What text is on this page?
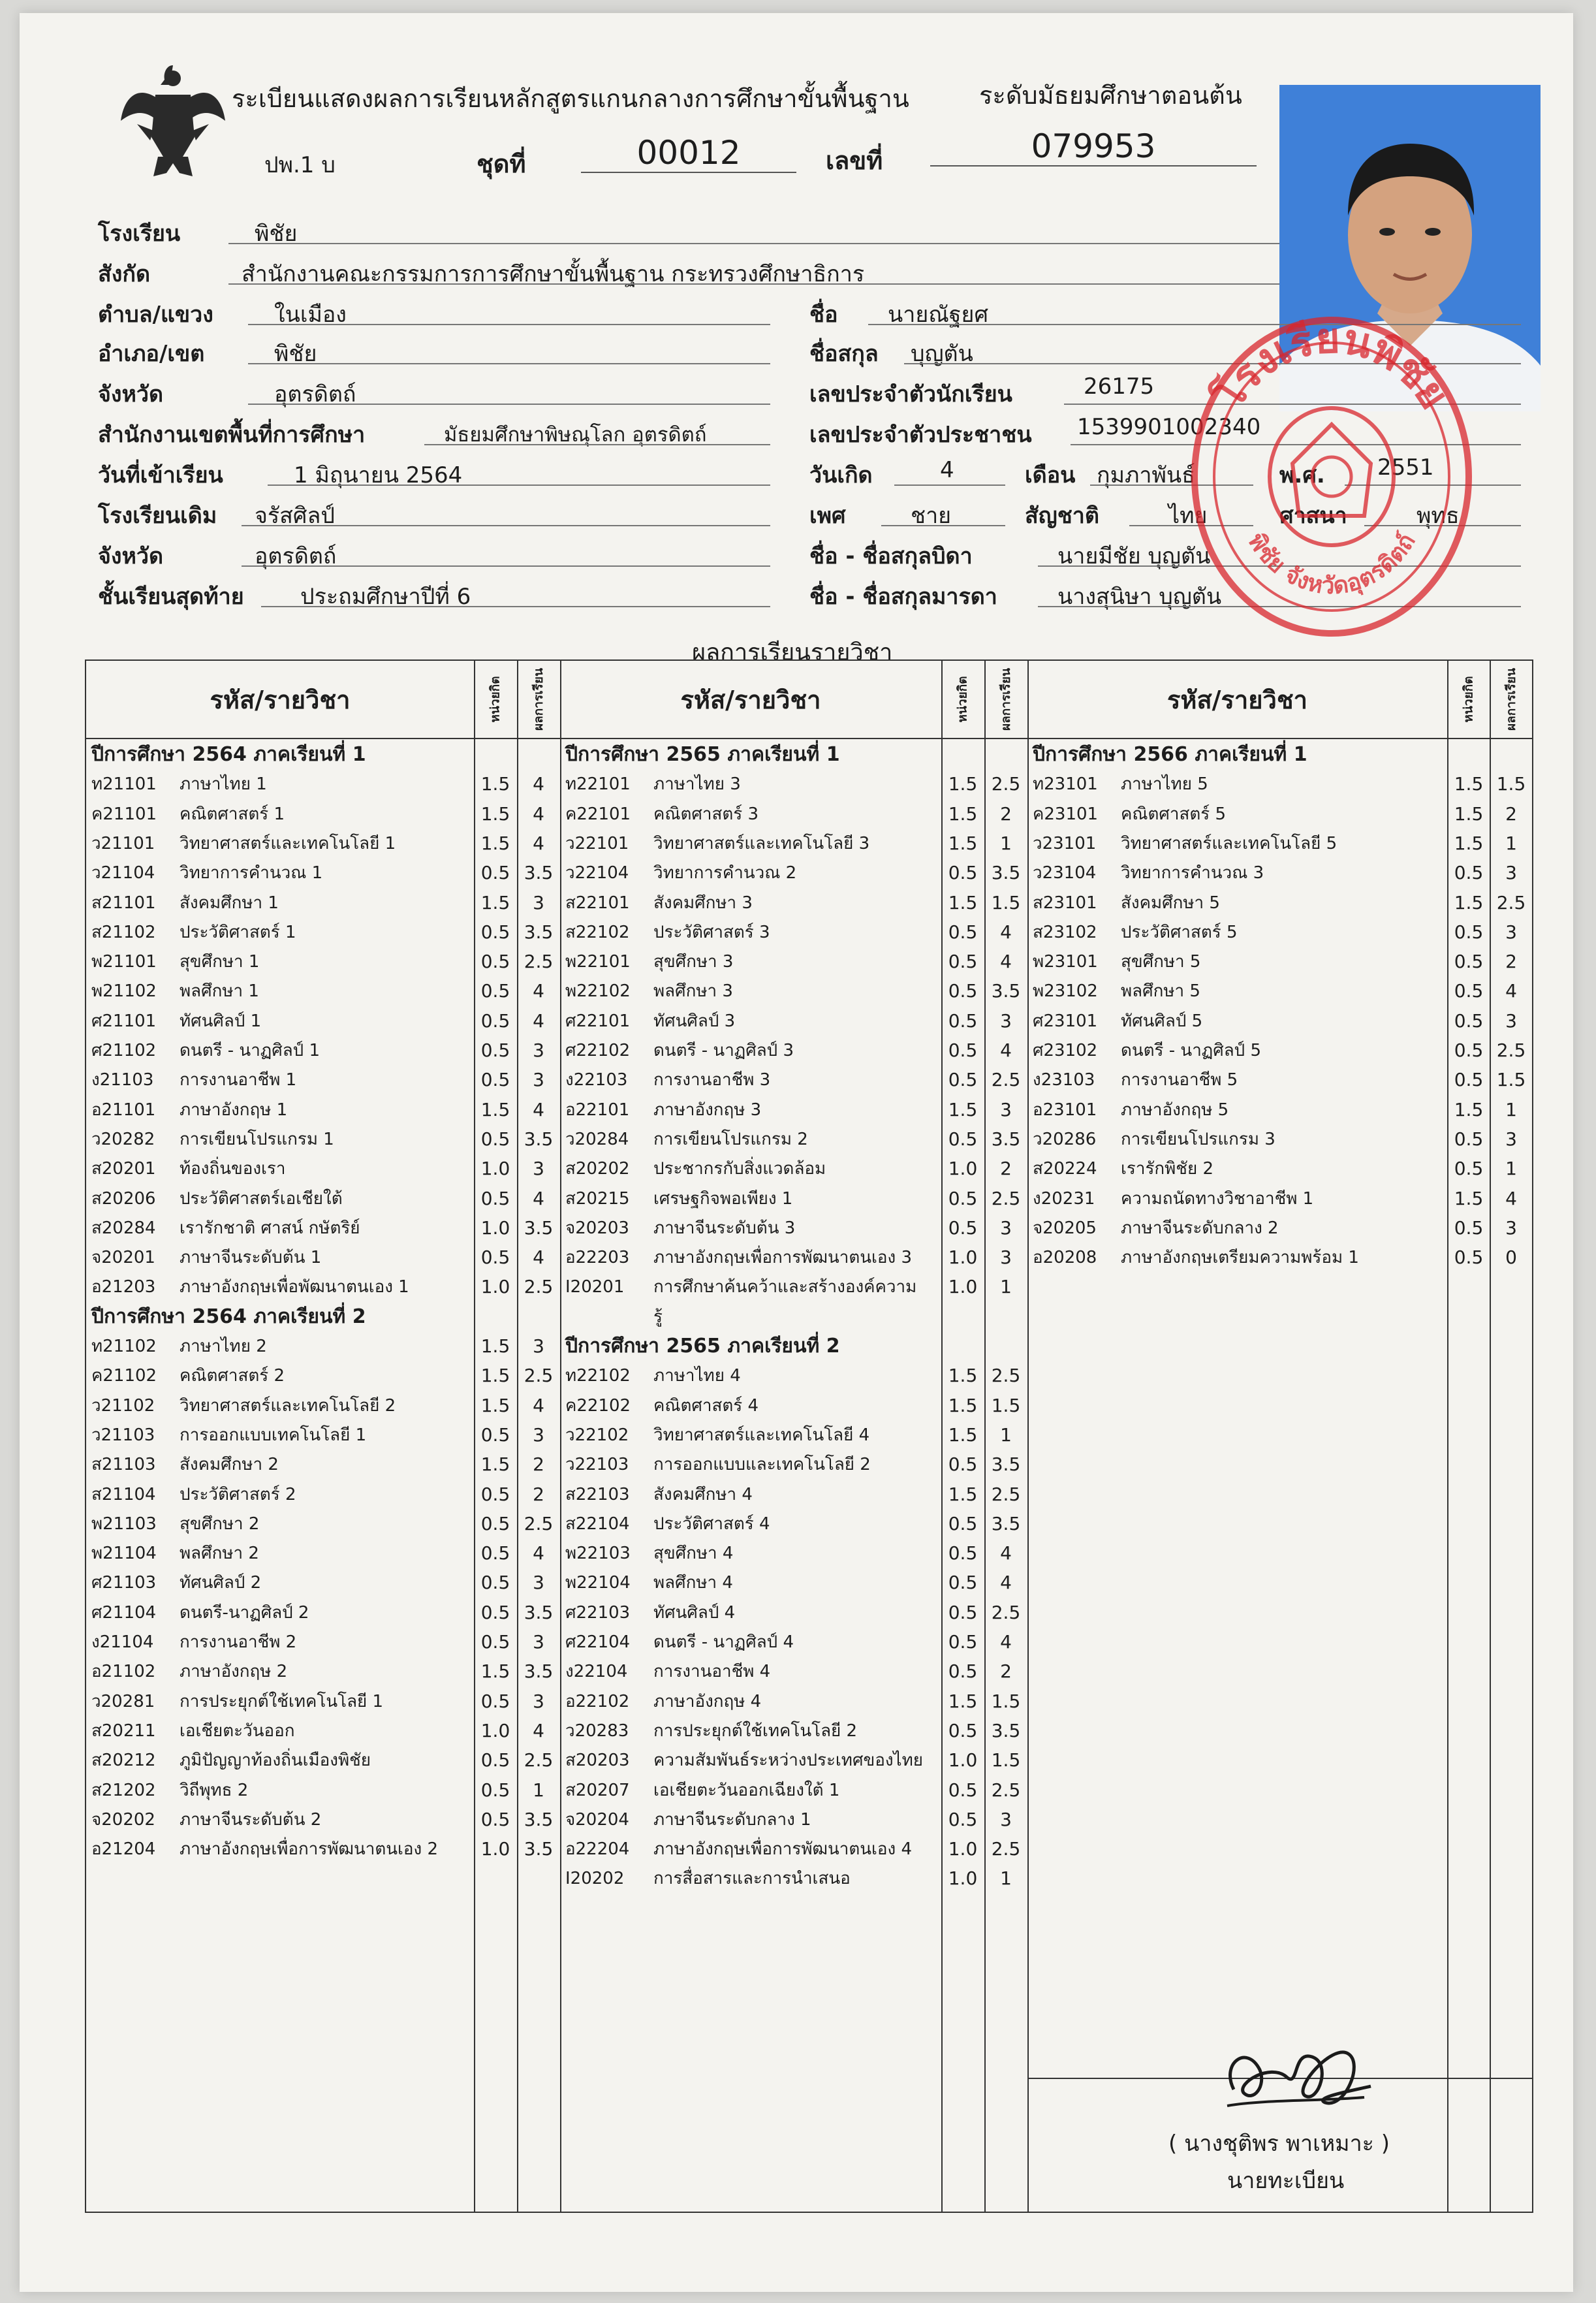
ระเบียนแสดงผลการเรียนหลักสูตรแกนกลางการศึกษาขั้นพื้นฐาน	ระดับมัธยมศึกษาตอนต้น
ปพ.1 บ	ชุดที่	00012	เลขที่	079953
โรงเรียน	พิชัย
สังกัด	สำนักงานคณะกรรมการการศึกษาขั้นพื้นฐาน กระทรวงศึกษาธิการ
ตำบล/แขวง	ในเมือง
อำเภอ/เขต	พิชัย
จังหวัด	อุตรดิตถ์
สำนักงานเขตพื้นที่การศึกษา	มัธยมศึกษาพิษณุโลก อุตรดิตถ์
วันที่เข้าเรียน	1 มิถุนายน 2564
โรงเรียนเดิม จรัสศิลป์
จังหวัด	อุตรดิตถ์
ชั้นเรียนสุดท้าย	ประถมศึกษาปีที่ 6
ชื่อ นายณัฐยศ
ชื่อสกุล บุญตัน
เลขประจำตัวนักเรียน	26175
เลขประจำตัวประชาชน 1539901002340
วันเกิด	4	เดือน กุมภาพันธ์	พ.ศ. 2551
เพศ	ชาย	สัญชาติ	ไทย	ศาสนา	พุทธ
ชื่อ - ชื่อสกุลบิดา	นายมีชัย บุญตัน
ชื่อ - ชื่อสกุลมารดา	นางสุนิษา บุญตัน
โรงเรียนพิชัย
พิชัย จังหวัดอุตรดิตถ์
ผลการเรียนรายวิชา
รหัส/รายวิชา	หน่วยกิต ผลการเรียน	รหัส/รายวิชา	หน่วยกิต ผลการเรียน	รหัส/รายวิชา	หน่วยกิต ผลการเรียน
ปีการศึกษา 2564 ภาคเรียนที่ 1
ท21101 ภาษาไทย 1	1.5	4
ค21101 คณิตศาสตร์ 1	1.5	4
ว21101 วิทยาศาสตร์และเทคโนโลยี 1	1.5	4
ว21104 วิทยาการคำนวณ 1	0.5 3.5
ส21101 สังคมศึกษา 1	1.5	3
ส21102 ประวัติศาสตร์ 1	0.5 3.5
พ21101 สุขศึกษา 1	0.5 2.5
พ21102 พลศึกษา 1	0.5	4
ศ21101 ทัศนศิลป์ 1	0.5	4
ศ21102 ดนตรี - นาฏศิลป์ 1	0.5	3
ง21103 การงานอาชีพ 1	0.5	3
อ21101 ภาษาอังกฤษ 1	1.5	4
ว20282 การเขียนโปรแกรม 1	0.5 3.5
ส20201 ท้องถิ่นของเรา	1.0	3
ส20206 ประวัติศาสตร์เอเชียใต้	0.5	4
ส20284 เรารักชาติ ศาสน์ กษัตริย์	1.0 3.5
จ20201 ภาษาจีนระดับต้น 1	0.5	4
อ21203 ภาษาอังกฤษเพื่อพัฒนาตนเอง 1	1.0 2.5
ปีการศึกษา 2564 ภาคเรียนที่ 2
ท21102 ภาษาไทย 2	1.5	3
ค21102 คณิตศาสตร์ 2	1.5 2.5
ว21102 วิทยาศาสตร์และเทคโนโลยี 2	1.5	4
ว21103 การออกแบบเทคโนโลยี 1	0.5	3
ส21103 สังคมศึกษา 2	1.5	2
ส21104 ประวัติศาสตร์ 2	0.5	2
พ21103 สุขศึกษา 2	0.5 2.5
พ21104 พลศึกษา 2	0.5	4
ศ21103 ทัศนศิลป์ 2	0.5	3
ศ21104 ดนตรี-นาฏศิลป์ 2	0.5 3.5
ง21104 การงานอาชีพ 2	0.5	3
อ21102 ภาษาอังกฤษ 2	1.5 3.5
ว20281 การประยุกต์ใช้เทคโนโลยี 1	0.5	3
ส20211 เอเชียตะวันออก	1.0	4
ส20212 ภูมิปัญญาท้องถิ่นเมืองพิชัย	0.5 2.5
ส21202 วิถีพุทธ 2	0.5	1
จ20202 ภาษาจีนระดับต้น 2	0.5 3.5
อ21204 ภาษาอังกฤษเพื่อการพัฒนาตนเอง 2	1.0 3.5
ปีการศึกษา 2565 ภาคเรียนที่ 1
ท22101 ภาษาไทย 3	1.5 2.5
ค22101 คณิตศาสตร์ 3	1.5	2
ว22101 วิทยาศาสตร์และเทคโนโลยี 3	1.5	1
ว22104 วิทยาการคำนวณ 2	0.5 3.5
ส22101 สังคมศึกษา 3	1.5 1.5
ส22102 ประวัติศาสตร์ 3	0.5	4
พ22101 สุขศึกษา 3	0.5	4
พ22102 พลศึกษา 3	0.5 3.5
ศ22101 ทัศนศิลป์ 3	0.5	3
ศ22102 ดนตรี - นาฏศิลป์ 3	0.5	4
ง22103 การงานอาชีพ 3	0.5 2.5
อ22101 ภาษาอังกฤษ 3	1.5	3
ว20284 การเขียนโปรแกรม 2	0.5 3.5
ส20202 ประชากรกับสิ่งแวดล้อม	1.0	2
ส20215 เศรษฐกิจพอเพียง 1	0.5 2.5
จ20203 ภาษาจีนระดับต้น 3	0.5	3
อ22203 ภาษาอังกฤษเพื่อการพัฒนาตนเอง 3	1.0	3
I20201 การศึกษาค้นคว้าและสร้างองค์ความ	1.0	1
รู้
ปีการศึกษา 2565 ภาคเรียนที่ 2
ท22102 ภาษาไทย 4	1.5 2.5
ค22102 คณิตศาสตร์ 4	1.5 1.5
ว22102 วิทยาศาสตร์และเทคโนโลยี 4	1.5	1
ว22103 การออกแบบและเทคโนโลยี 2	0.5 3.5
ส22103 สังคมศึกษา 4	1.5 2.5
ส22104 ประวัติศาสตร์ 4	0.5 3.5
พ22103 สุขศึกษา 4	0.5	4
พ22104 พลศึกษา 4	0.5	4
ศ22103 ทัศนศิลป์ 4	0.5 2.5
ศ22104 ดนตรี - นาฏศิลป์ 4	0.5	4
ง22104 การงานอาชีพ 4	0.5	2
อ22102 ภาษาอังกฤษ 4	1.5 1.5
ว20283 การประยุกต์ใช้เทคโนโลยี 2	0.5 3.5
ส20203 ความสัมพันธ์ระหว่างประเทศของไทย	1.0 1.5
ส20207 เอเชียตะวันออกเฉียงใต้ 1	0.5 2.5
จ20204 ภาษาจีนระดับกลาง 1	0.5	3
อ22204 ภาษาอังกฤษเพื่อการพัฒนาตนเอง 4	1.0 2.5
I20202 การสื่อสารและการนำเสนอ	1.0	1
ปีการศึกษา 2566 ภาคเรียนที่ 1
ท23101 ภาษาไทย 5	1.5 1.5
ค23101 คณิตศาสตร์ 5	1.5	2
ว23101 วิทยาศาสตร์และเทคโนโลยี 5	1.5	1
ว23104 วิทยาการคำนวณ 3	0.5	3
ส23101 สังคมศึกษา 5	1.5 2.5
ส23102 ประวัติศาสตร์ 5	0.5	3
พ23101 สุขศึกษา 5	0.5	2
พ23102 พลศึกษา 5	0.5	4
ศ23101 ทัศนศิลป์ 5	0.5	3
ศ23102 ดนตรี - นาฏศิลป์ 5	0.5 2.5
ง23103 การงานอาชีพ 5	0.5 1.5
อ23101 ภาษาอังกฤษ 5	1.5	1
ว20286 การเขียนโปรแกรม 3	0.5	3
ส20224 เรารักพิชัย 2	0.5	1
ง20231 ความถนัดทางวิชาอาชีพ 1	1.5	4
จ20205 ภาษาจีนระดับกลาง 2	0.5	3
อ20208 ภาษาอังกฤษเตรียมความพร้อม 1	0.5	0
( นางชุติพร พาเหมาะ )
นายทะเบียน
